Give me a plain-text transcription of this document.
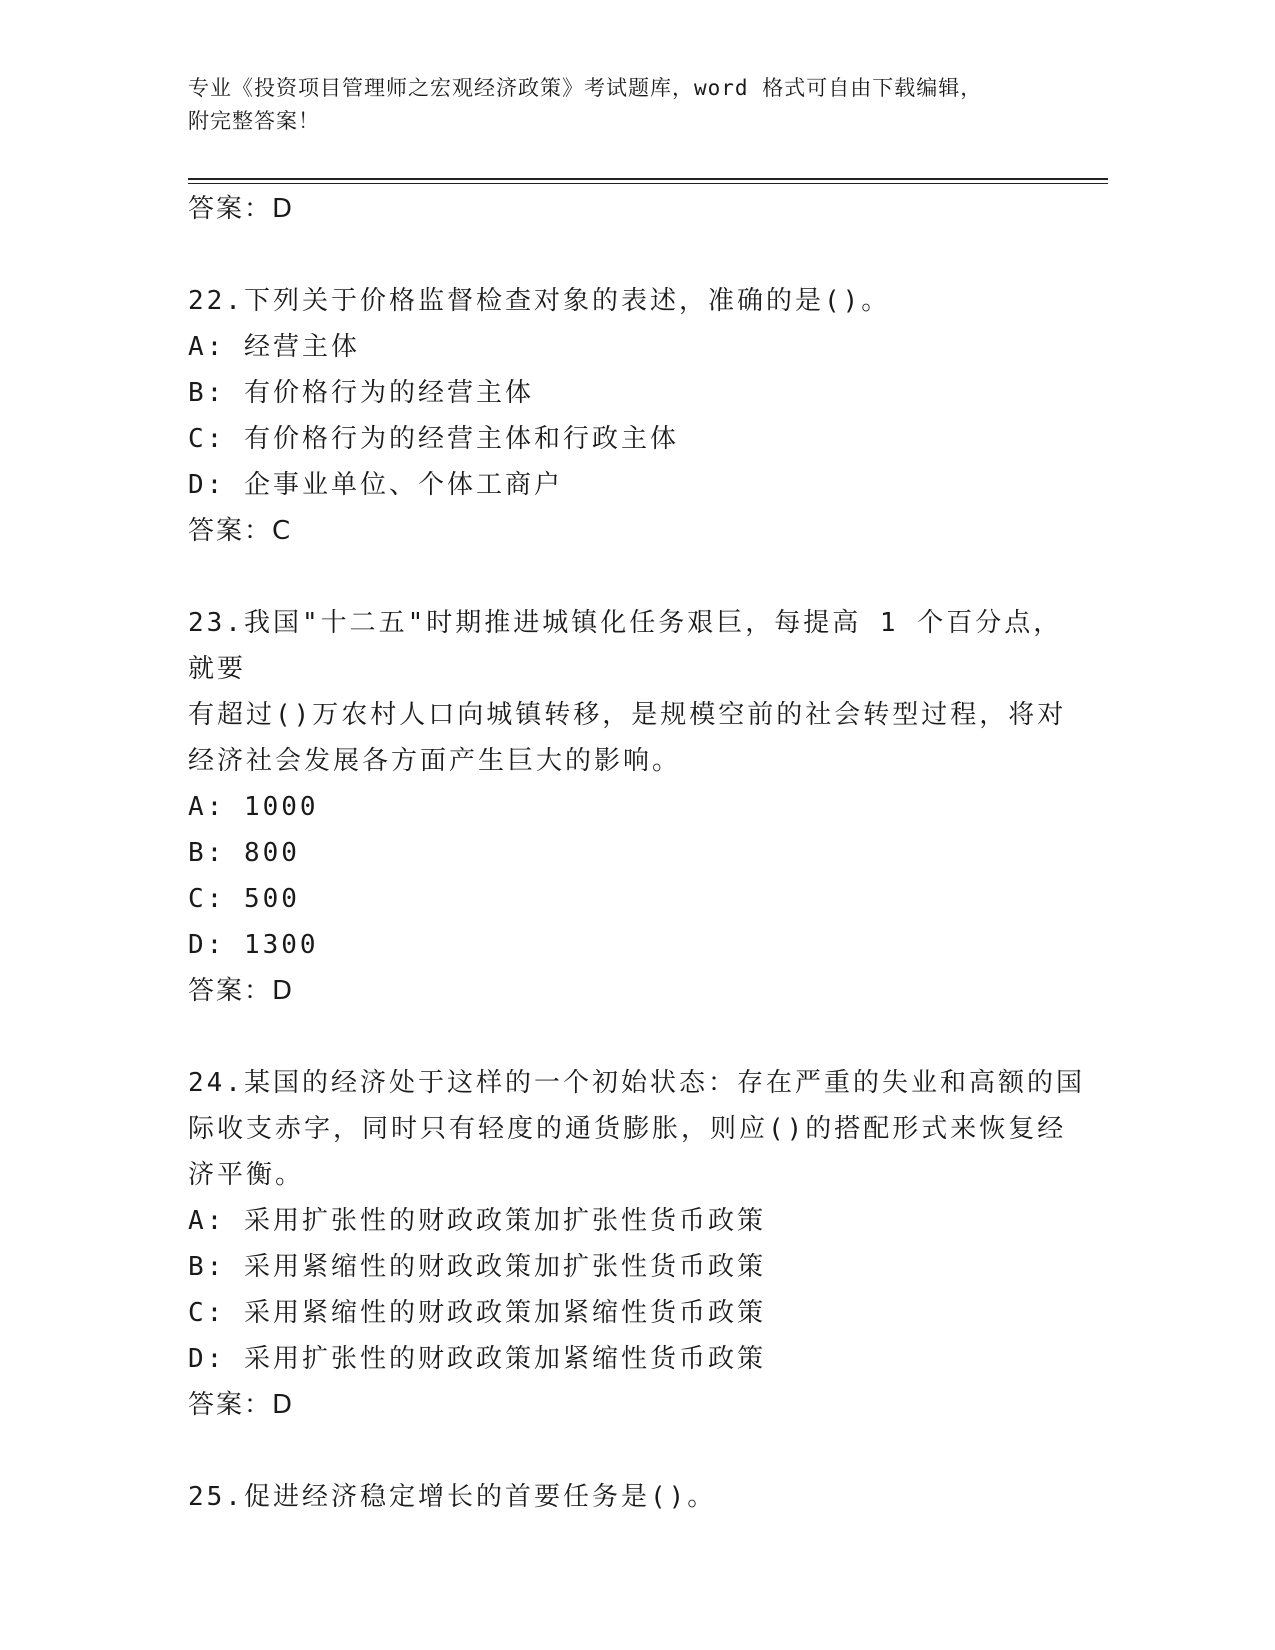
专业《投资项目管理师之宏观经济政策》考试题库，word 格式可自由下载编辑，
附完整答案！

答案：D

22.下列关于价格监督检查对象的表述，准确的是()。

A: 经营主体

B: 有价格行为的经营主体

C: 有价格行为的经营主体和行政主体

D: 企事业单位、个体工商户

答案：C

23.我国"十二五"时期推进城镇化任务艰巨，每提高 1 个百分点，就要

有超过()万农村人口向城镇转移，是规模空前的社会转型过程，将对

经济社会发展各方面产生巨大的影响。

A: 1000

B: 800

C: 500

D: 1300

答案：D

24.某国的经济处于这样的一个初始状态：存在严重的失业和高额的国

际收支赤字，同时只有轻度的通货膨胀，则应()的搭配形式来恢复经

济平衡。

A: 采用扩张性的财政政策加扩张性货币政策

B: 采用紧缩性的财政政策加扩张性货币政策

C: 采用紧缩性的财政政策加紧缩性货币政策

D: 采用扩张性的财政政策加紧缩性货币政策

答案：D

25.促进经济稳定增长的首要任务是()。
